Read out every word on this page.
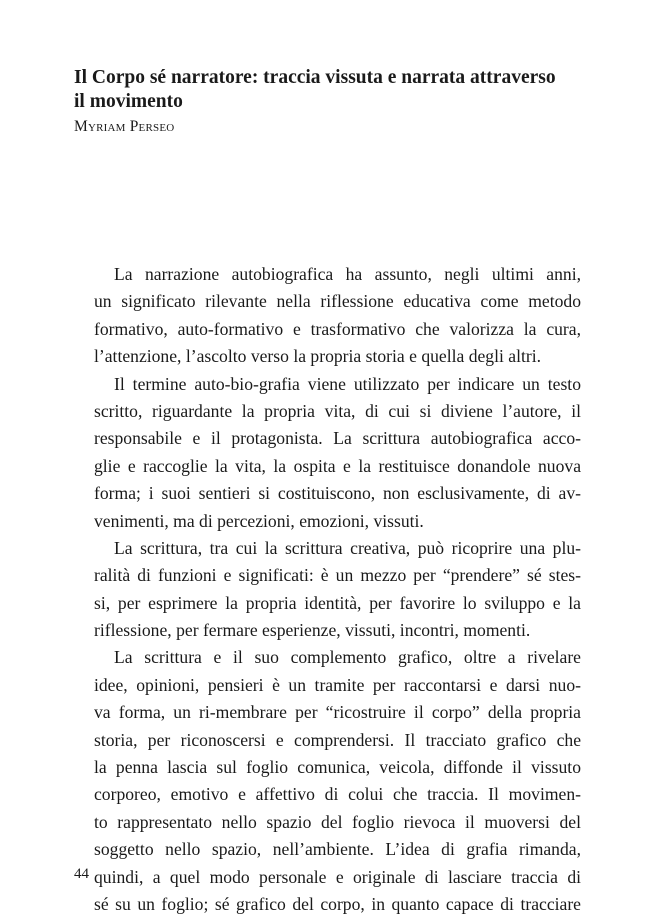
Il Corpo sé narratore: traccia vissuta e narrata attraverso
il movimento

Myriam Perseo

La narrazione autobiografica ha assunto, negli ultimi anni,
un significato rilevante nella riflessione educativa come metodo
formativo, auto-formativo e trasformativo che valorizza la cura,
l’attenzione, l’ascolto verso la propria storia e quella degli altri.
Il termine auto-bio-grafia viene utilizzato per indicare un testo
scritto, riguardante la propria vita, di cui si diviene l’autore, il
responsabile e il protagonista. La scrittura autobiografica acco-
glie e raccoglie la vita, la ospita e la restituisce donandole nuova
forma; i suoi sentieri si costituiscono, non esclusivamente, di av-
venimenti, ma di percezioni, emozioni, vissuti.
La scrittura, tra cui la scrittura creativa, può ricoprire una plu-
ralità di funzioni e significati: è un mezzo per “prendere” sé stes-
si, per esprimere la propria identità, per favorire lo sviluppo e la
riflessione, per fermare esperienze, vissuti, incontri, momenti.
La scrittura e il suo complemento grafico, oltre a rivelare
idee, opinioni, pensieri è un tramite per raccontarsi e darsi nuo-
va forma, un ri-membrare per “ricostruire il corpo” della propria
storia, per riconoscersi e comprendersi. Il tracciato grafico che
la penna lascia sul foglio comunica, veicola, diffonde il vissuto
corporeo, emotivo e affettivo di colui che traccia. Il movimen-
to rappresentato nello spazio del foglio rievoca il muoversi del
soggetto nello spazio, nell’ambiente. L’idea di grafia rimanda,
quindi, a quel modo personale e originale di lasciare traccia di
sé su un foglio; sé grafico del corpo, in quanto capace di tracciare
44
